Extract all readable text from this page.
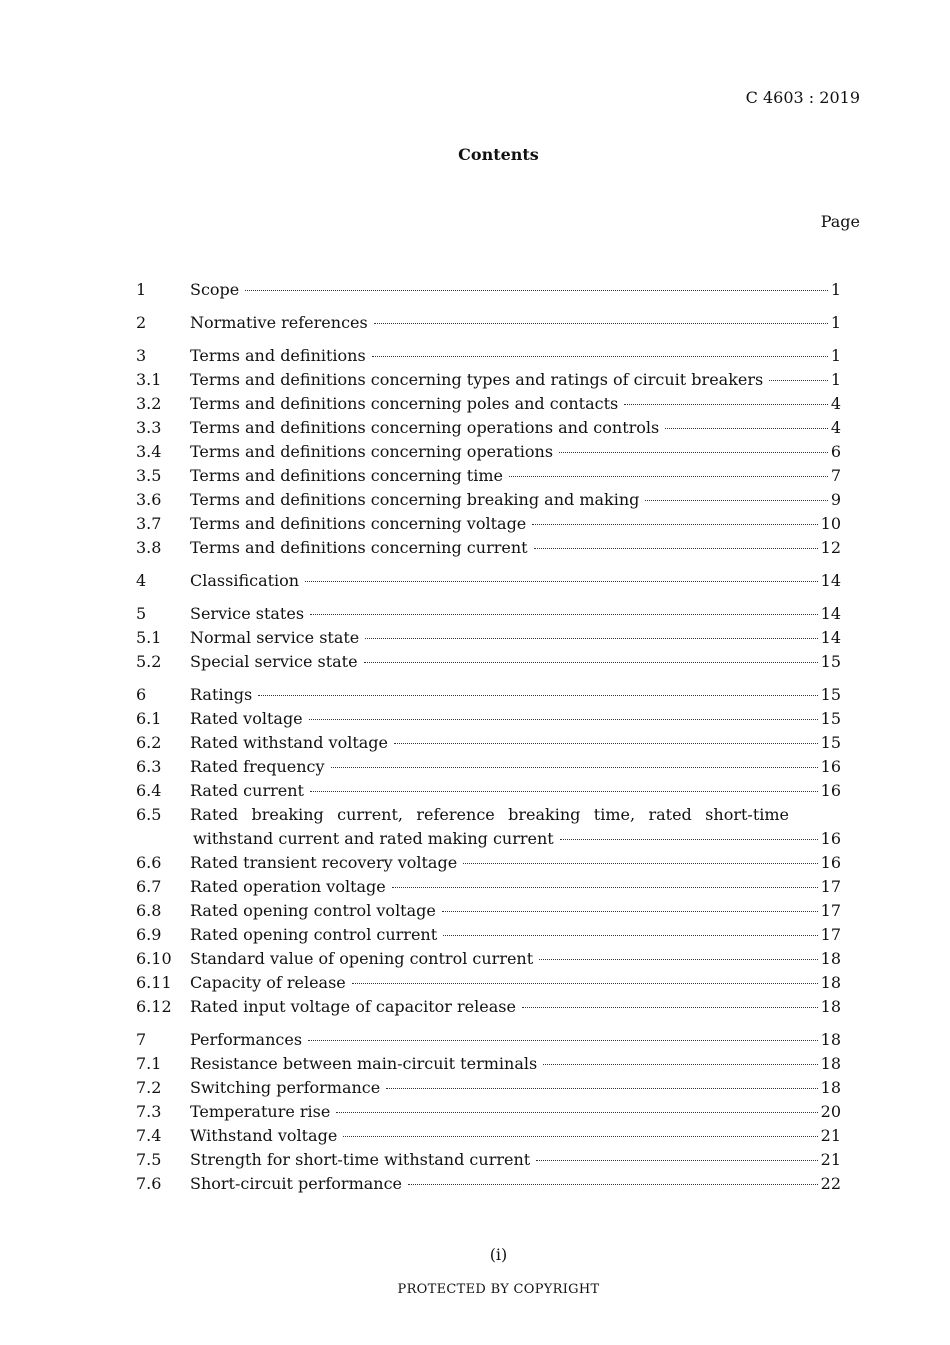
C 4603 : 2019
Contents
Page
1	Scope	1
2	Normative references	1
3	Terms and definitions	1
3.1	Terms and definitions concerning types and ratings of circuit breakers	1
3.2	Terms and definitions concerning poles and contacts	4
3.3	Terms and definitions concerning operations and controls	4
3.4	Terms and definitions concerning operations	6
3.5	Terms and definitions concerning time	7
3.6	Terms and definitions concerning breaking and making	9
3.7	Terms and definitions concerning voltage	10
3.8	Terms and definitions concerning current	12
4	Classification	14
5	Service states	14
5.1	Normal service state	14
5.2	Special service state	15
6	Ratings	15
6.1	Rated voltage	15
6.2	Rated withstand voltage	15
6.3	Rated frequency	16
6.4	Rated current	16
6.5	Rated breaking current, reference breaking time, rated short-time
withstand current and rated making current	16
6.6	Rated transient recovery voltage	16
6.7	Rated operation voltage	17
6.8	Rated opening control voltage	17
6.9	Rated opening control current	17
6.10	Standard value of opening control current	18
6.11	Capacity of release	18
6.12	Rated input voltage of capacitor release	18
7	Performances	18
7.1	Resistance between main-circuit terminals	18
7.2	Switching performance	18
7.3	Temperature rise	20
7.4	Withstand voltage	21
7.5	Strength for short-time withstand current	21
7.6	Short-circuit performance	22
(i)
PROTECTED BY COPYRIGHT
